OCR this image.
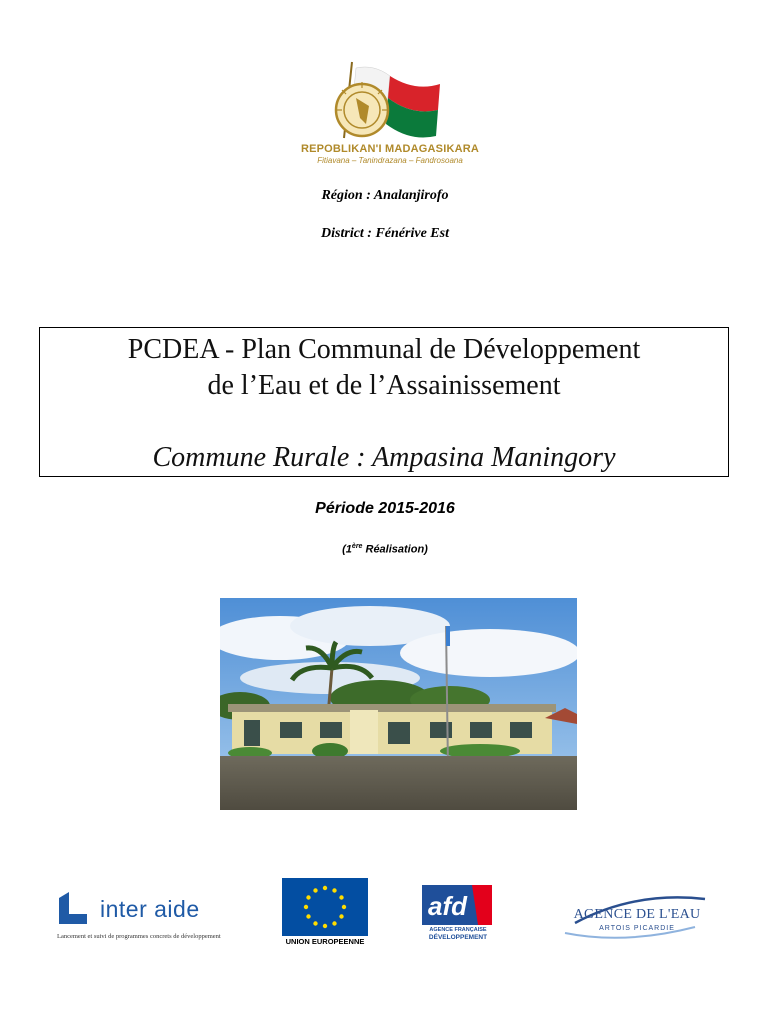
REPOBLIKAN'I MADAGASIKARA
Fitiavana – Tanindrazana – Fandrosoana
Région : Analanjirofo
District : Fénérive Est
PCDEA - Plan Communal de Développement
de l’Eau et de l’Assainissement
Commune Rurale : Ampasina Maningory
Période 2015-2016
(1ère Réalisation)
inter aide
Lancement et suivi de programmes concrets de développement
UNION EUROPEENNE
afd
AGENCE FRANÇAISE
DÉVELOPPEMENT
AGENCE DE L'EAU
ARTOIS PICARDIE
